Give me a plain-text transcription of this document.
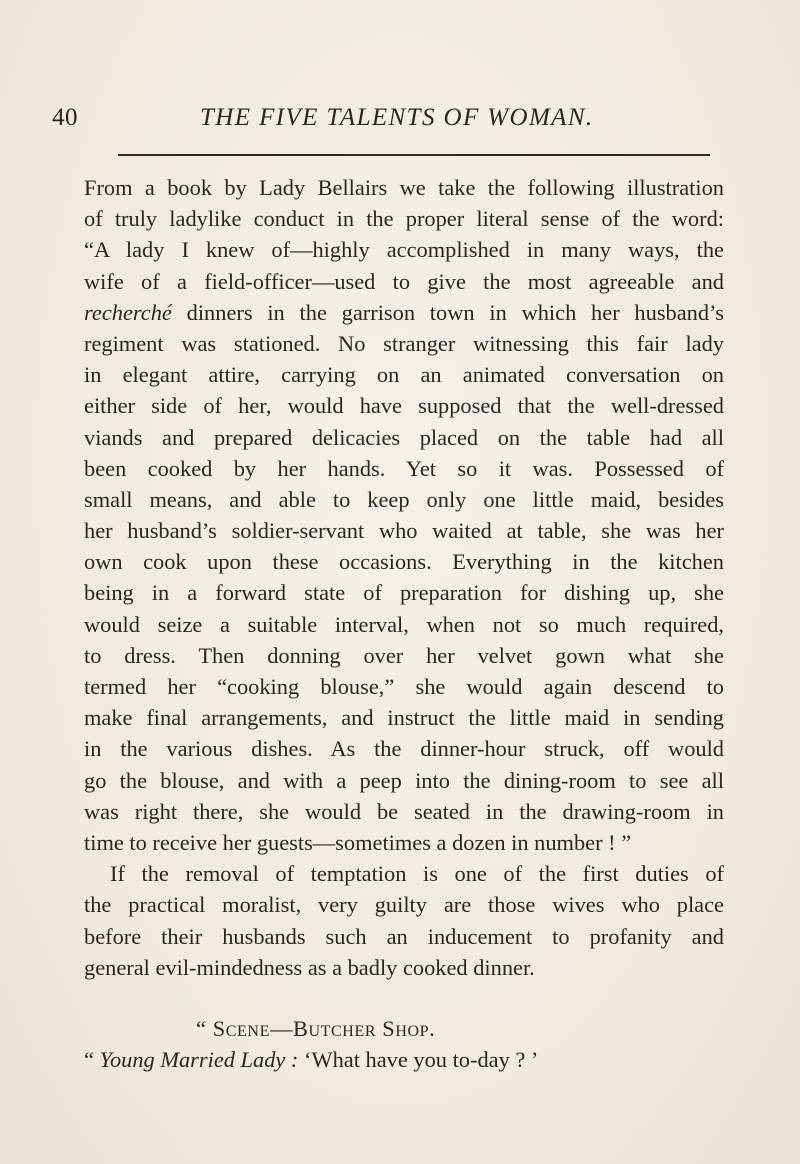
40	THE FIVE TALENTS OF WOMAN.
From a book by Lady Bellairs we take the following illustration
of truly ladylike conduct in the proper literal sense of the word:
“A lady I knew of—highly accomplished in many ways, the
wife of a field-officer—used to give the most agreeable and
recherché dinners in the garrison town in which her husband’s
regiment was stationed. No stranger witnessing this fair lady
in elegant attire, carrying on an animated conversation on
either side of her, would have supposed that the well-dressed
viands and prepared delicacies placed on the table had all
been cooked by her hands. Yet so it was. Possessed of
small means, and able to keep only one little maid, besides
her husband’s soldier-servant who waited at table, she was her
own cook upon these occasions. Everything in the kitchen
being in a forward state of preparation for dishing up, she
would seize a suitable interval, when not so much required,
to dress. Then donning over her velvet gown what she
termed her “cooking blouse,” she would again descend to
make final arrangements, and instruct the little maid in sending
in the various dishes. As the dinner-hour struck, off would
go the blouse, and with a peep into the dining-room to see all
was right there, she would be seated in the drawing-room in
time to receive her guests—sometimes a dozen in number ! ”
If the removal of temptation is one of the first duties of
the practical moralist, very guilty are those wives who place
before their husbands such an inducement to profanity and
general evil-mindedness as a badly cooked dinner.
“ Scene—Butcher Shop.
“ Young Married Lady : ‘What have you to-day ? ’
